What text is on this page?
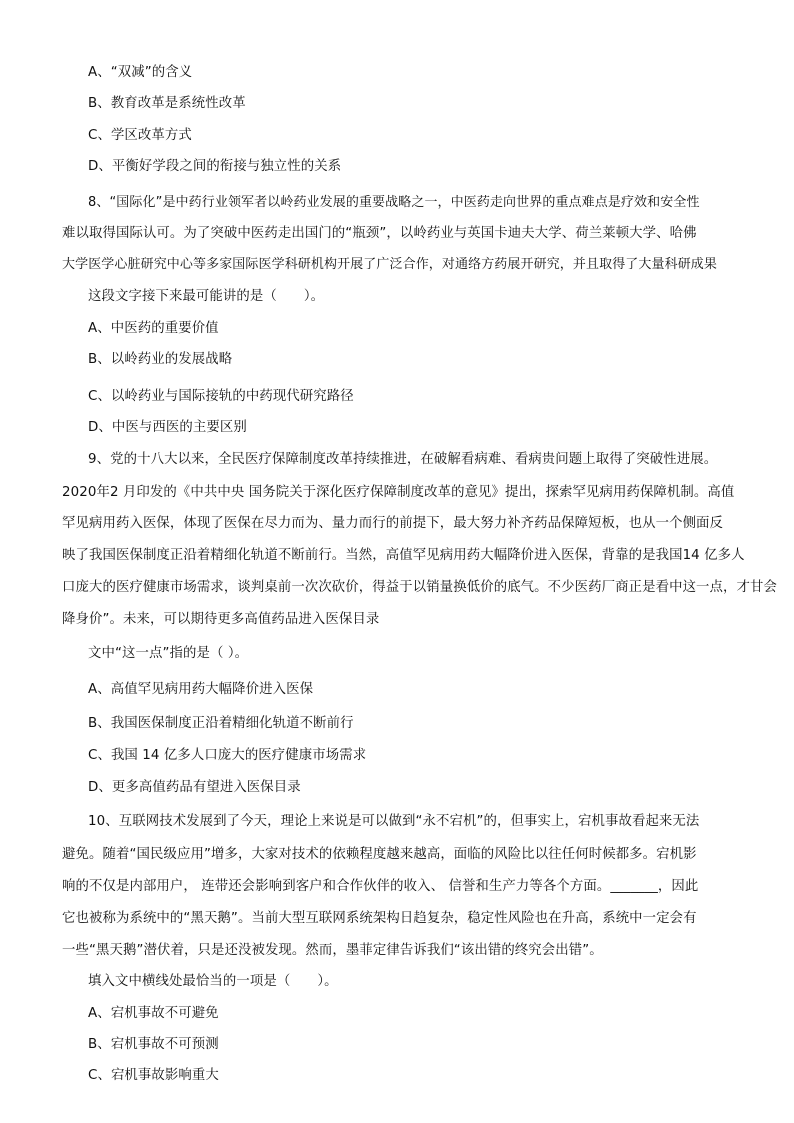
A、“双减”的含义
B、教育改革是系统性改革
C、学区改革方式
D、平衡好学段之间的衔接与独立性的关系
8、“国际化”是中药行业领军者以岭药业发展的重要战略之一，中医药走向世界的重点难点是疗效和安全性
难以取得国际认可。为了突破中医药走出国门的“瓶颈”，以岭药业与英国卡迪夫大学、荷兰莱顿大学、哈佛
大学医学心脏研究中心等多家国际医学科研机构开展了广泛合作，对通络方药展开研究，并且取得了大量科研成果
这段文字接下来最可能讲的是（　　）。
A、中医药的重要价值
B、以岭药业的发展战略
C、以岭药业与国际接轨的中药现代研究路径
D、中医与西医的主要区别
9、党的十八大以来，全民医疗保障制度改革持续推进，在破解看病难、看病贵问题上取得了突破性进展。
2020年2 月印发的《中共中央 国务院关于深化医疗保障制度改革的意见》提出，探索罕见病用药保障机制。高值
罕见病用药入医保，体现了医保在尽力而为、量力而行的前提下，最大努力补齐药品保障短板，也从一个侧面反
映了我国医保制度正沿着精细化轨道不断前行。当然，高值罕见病用药大幅降价进入医保，背靠的是我国14 亿多人
口庞大的医疗健康市场需求，谈判桌前一次次砍价，得益于以销量换低价的底气。不少医药厂商正是看中这一点，才甘会
降身价”。未来，可以期待更多高值药品进入医保目录
文中“这一点”指的是（ ）。
A、高值罕见病用药大幅降价进入医保
B、我国医保制度正沿着精细化轨道不断前行
C、我国 14 亿多人口庞大的医疗健康市场需求
D、更多高值药品有望进入医保目录
10、互联网技术发展到了今天，理论上来说是可以做到“永不宕机”的，但事实上，宕机事故看起来无法
避免。随着“国民级应用”增多，大家对技术的依赖程度越来越高，面临的风险比以往任何时候都多。宕机影
响的不仅是内部用户， 连带还会影响到客户和合作伙伴的收入、 信誉和生产力等各个方面。_______，因此
它也被称为系统中的“黑天鹅”。当前大型互联网系统架构日趋复杂，稳定性风险也在升高，系统中一定会有
一些“黑天鹅”潜伏着，只是还没被发现。然而，墨菲定律告诉我们“该出错的终究会出错”。
填入文中横线处最恰当的一项是（　　）。
A、宕机事故不可避免
B、宕机事故不可预测
C、宕机事故影响重大
